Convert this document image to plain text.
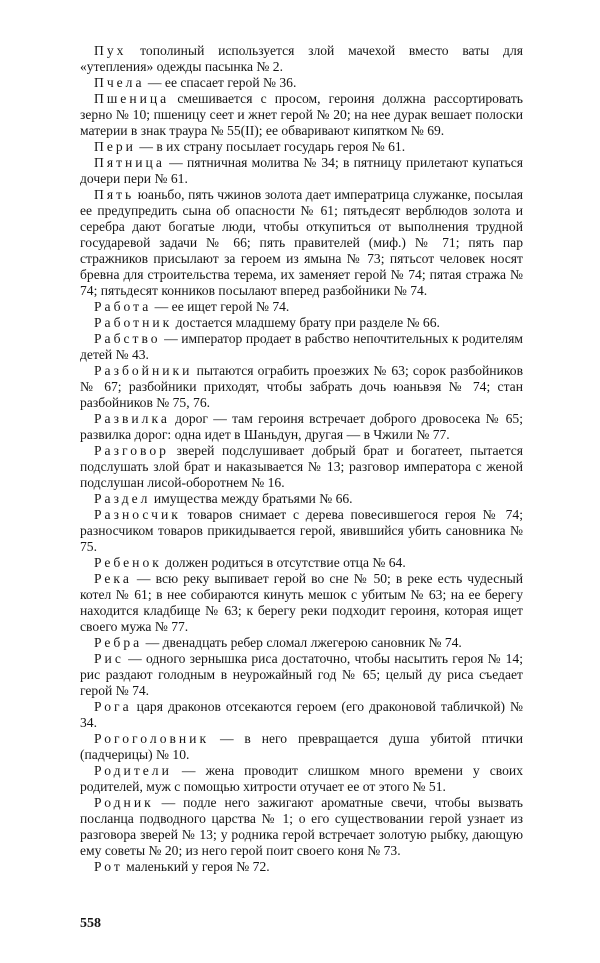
Пух тополиный используется злой мачехой вместо ваты для «утепления» одежды пасынка № 2.

Пчела — ее спасает герой № 36.

Пшеница смешивается с просом, героиня должна рассортировать зерно № 10; пшеницу сеет и жнет герой № 20; на нее дурак вешает полоски материи в знак траура № 55(II); ее обваривают кипятком № 69.

Пери — в их страну посылает государь героя № 61.

Пятница — пятничная молитва № 34; в пятницу прилетают купаться дочери пери № 61.

Пять юаньбо, пять чжинов золота дает императрица служанке, посылая ее предупредить сына об опасности № 61; пятьдесят верблюдов золота и серебра дают богатые люди, чтобы откупиться от выполнения трудной государевой задачи № 66; пять правителей (миф.) № 71; пять пар стражников присылают за героем из ямына № 73; пятьсот человек носят бревна для строительства терема, их заменяет герой № 74; пятая стража № 74; пятьдесят конников посылают вперед разбойники № 74.

Работа — ее ищет герой № 74.

Работник достается младшему брату при разделе № 66.

Рабство — император продает в рабство непочтительных к родителям детей № 43.

Разбойники пытаются ограбить проезжих № 63; сорок разбойников № 67; разбойники приходят, чтобы забрать дочь юаньвэя № 74; стан разбойников № 75, 76.

Развилка дорог — там героиня встречает доброго дровосека № 65; развилка дорог: одна идет в Шаньдун, другая — в Чжили № 77.

Разговор зверей подслушивает добрый брат и богатеет, пытается подслушать злой брат и наказывается № 13; разговор императора с женой подслушан лисой-оборотнем № 16.

Раздел имущества между братьями № 66.

Разносчик товаров снимает с дерева повесившегося героя № 74; разносчиком товаров прикидывается герой, явившийся убить сановника № 75.

Ребенок должен родиться в отсутствие отца № 64.

Река — всю реку выпивает герой во сне № 50; в реке есть чудесный котел № 61; в нее собираются кинуть мешок с убитым № 63; на ее берегу находится кладбище № 63; к берегу реки подходит героиня, которая ищет своего мужа № 77.

Ребра — двенадцать ребер сломал лжегерою сановник № 74.

Рис — одного зернышка риса достаточно, чтобы насытить героя № 14; рис раздают голодным в неурожайный год № 65; целый ду риса съедает герой № 74.

Рога царя драконов отсекаются героем (его драконовой табличкой) № 34.

Рогоголовник — в него превращается душа убитой птички (падчерицы) № 10.

Родители — жена проводит слишком много времени у своих родителей, муж с помощью хитрости отучает ее от этого № 51.

Родник — подле него зажигают ароматные свечи, чтобы вызвать посланца подводного царства № 1; о его существовании герой узнает из разговора зверей № 13; у родника герой встречает золотую рыбку, дающую ему советы № 20; из него герой поит своего коня № 73.

Рот маленький у героя № 72.

558
